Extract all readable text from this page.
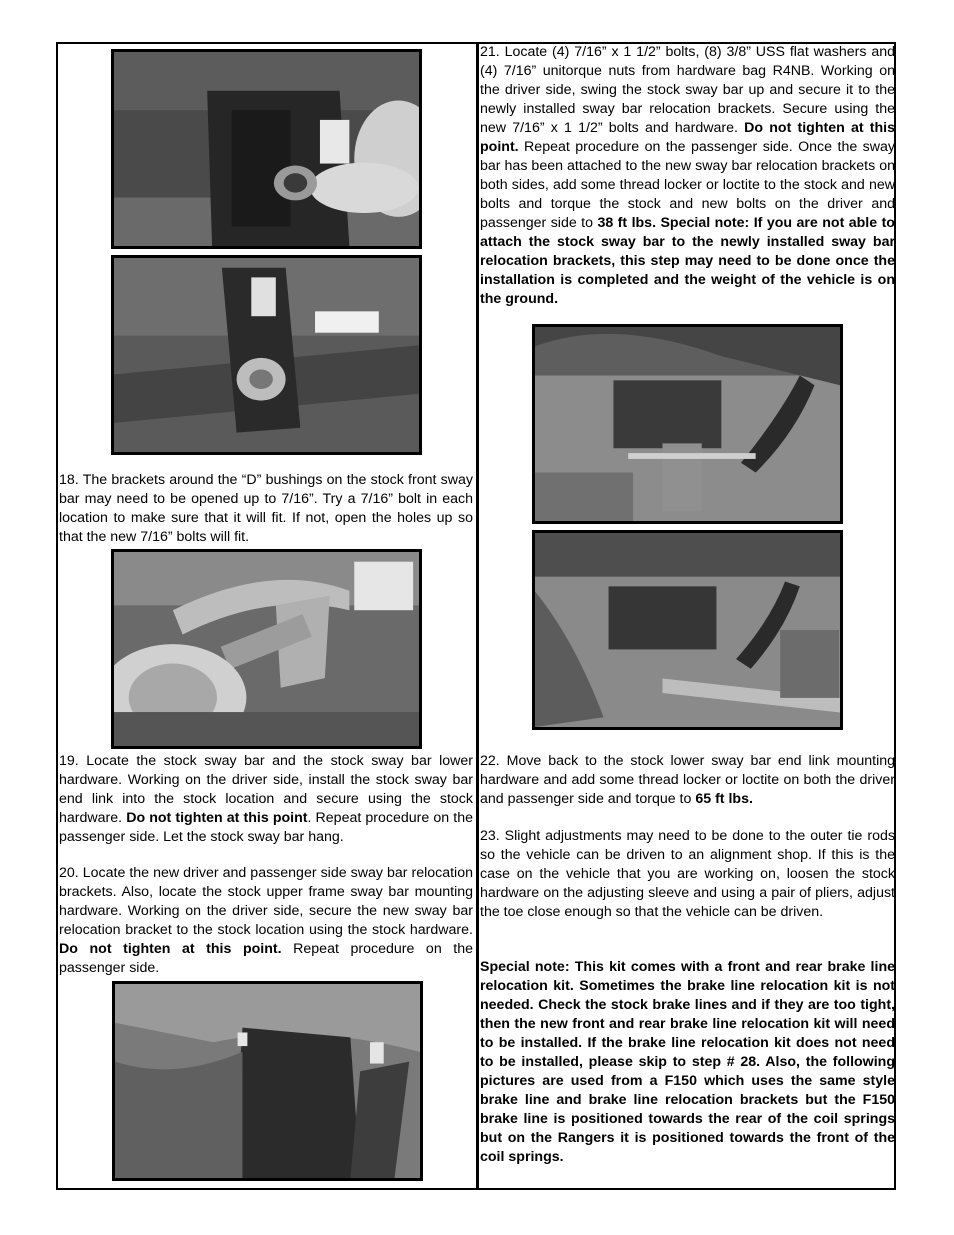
18. The brackets around the “D” bushings on the stock front sway bar may need to be opened up to 7/16”. Try a 7/16” bolt in each location to make sure that it will fit. If not, open the holes up so that the new 7/16” bolts will fit.

19. Locate the stock sway bar and the stock sway bar lower hardware. Working on the driver side, install the stock sway bar end link into the stock location and secure using the stock hardware. Do not tighten at this point. Repeat procedure on the passenger side. Let the stock sway bar hang.

20. Locate the new driver and passenger side sway bar relocation brackets. Also, locate the stock upper frame sway bar mounting hardware. Working on the driver side, secure the new sway bar relocation bracket to the stock location using the stock hardware. Do not tighten at this point. Repeat procedure on the passenger side.

21. Locate (4) 7/16” x 1 1/2” bolts, (8) 3/8” USS flat washers and (4) 7/16” unitorque nuts from hardware bag R4NB. Working on the driver side, swing the stock sway bar up and secure it to the newly installed sway bar relocation brackets. Secure using the new 7/16” x 1 1/2” bolts and hardware. Do not tighten at this point. Repeat procedure on the passenger side. Once the sway bar has been attached to the new sway bar relocation brackets on both sides, add some thread locker or loctite to the stock and new bolts and torque the stock and new bolts on the driver and passenger side to 38 ft lbs. Special note: If you are not able to attach the stock sway bar to the newly installed sway bar relocation brackets, this step may need to be done once the installation is completed and the weight of the vehicle is on the ground.

22. Move back to the stock lower sway bar end link mounting hardware and add some thread locker or loctite on both the driver and passenger side and torque to 65 ft lbs.

23. Slight adjustments may need to be done to the outer tie rods so the vehicle can be driven to an alignment shop. If this is the case on the vehicle that you are working on, loosen the stock hardware on the adjusting sleeve and using a pair of pliers, adjust the toe close enough so that the vehicle can be driven.

Special note: This kit comes with a front and rear brake line relocation kit. Sometimes the brake line relocation kit is not needed. Check the stock brake lines and if they are too tight, then the new front and rear brake line relocation kit will need to be installed. If the brake line relocation kit does not need to be installed, please skip to step # 28. Also, the following pictures are used from a F150 which uses the same style brake line and brake line relocation brackets but the F150 brake line is positioned towards the rear of the coil springs but on the Rangers it is positioned towards the front of the coil springs.
